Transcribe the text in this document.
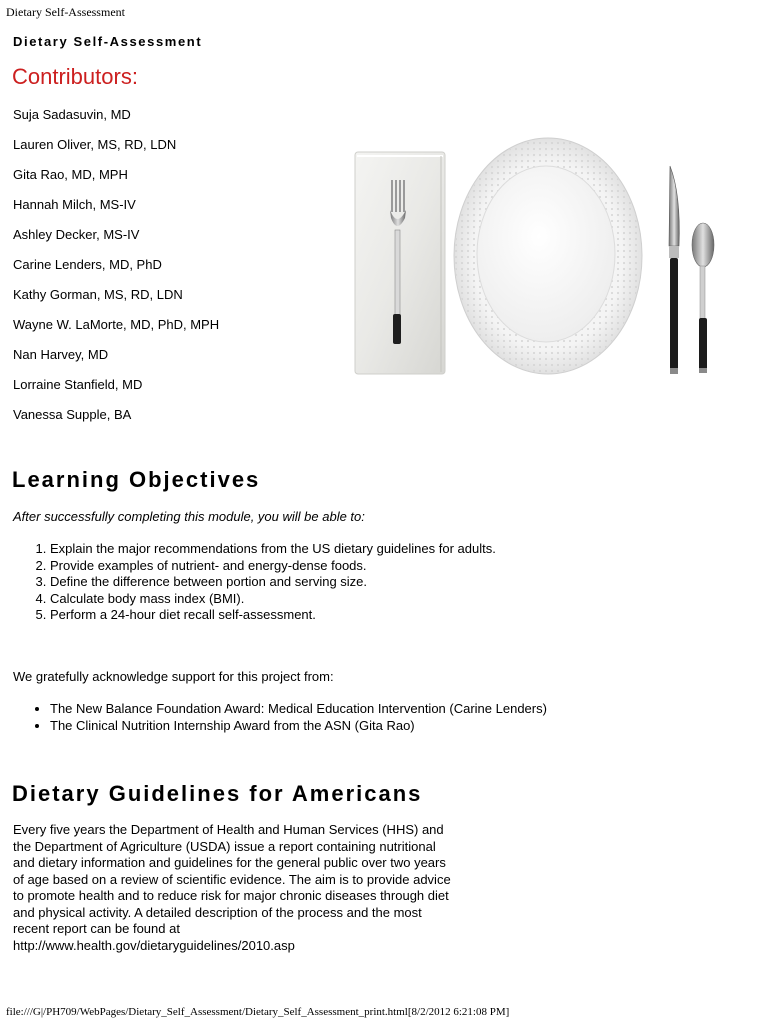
Dietary Self-Assessment
Dietary Self-Assessment
Contributors:
Suja Sadasuvin, MD
Lauren Oliver, MS, RD, LDN
Gita Rao, MD, MPH
Hannah Milch, MS-IV
Ashley Decker, MS-IV
Carine Lenders, MD, PhD
Kathy Gorman, MS, RD, LDN
Wayne W. LaMorte, MD, PhD, MPH
Nan Harvey, MD
Lorraine Stanfield, MD
Vanessa Supple, BA
Learning Objectives

After successfully completing this module, you will be able to:

1. Explain the major recommendations from the US dietary guidelines for adults.
2. Provide examples of nutrient- and energy-dense foods.
3. Define the difference between portion and serving size.
4. Calculate body mass index (BMI).
5. Perform a 24-hour diet recall self-assessment.

We gratefully acknowledge support for this project from:

• The New Balance Foundation Award: Medical Education Intervention (Carine Lenders)
• The Clinical Nutrition Internship Award from the ASN (Gita Rao)
Dietary Guidelines for Americans

Every five years the Department of Health and Human Services (HHS) and
the Department of Agriculture (USDA) issue a report containing nutritional
and dietary information and guidelines for the general public over two years
of age based on a review of scientific evidence. The aim is to provide advice
to promote health and to reduce risk for major chronic diseases through diet
and physical activity. A detailed description of the process and the most
recent report can be found at
http://www.health.gov/dietaryguidelines/2010.asp

file:///G|/PH709/WebPages/Dietary_Self_Assessment/Dietary_Self_Assessment_print.html[8/2/2012 6:21:08 PM]
